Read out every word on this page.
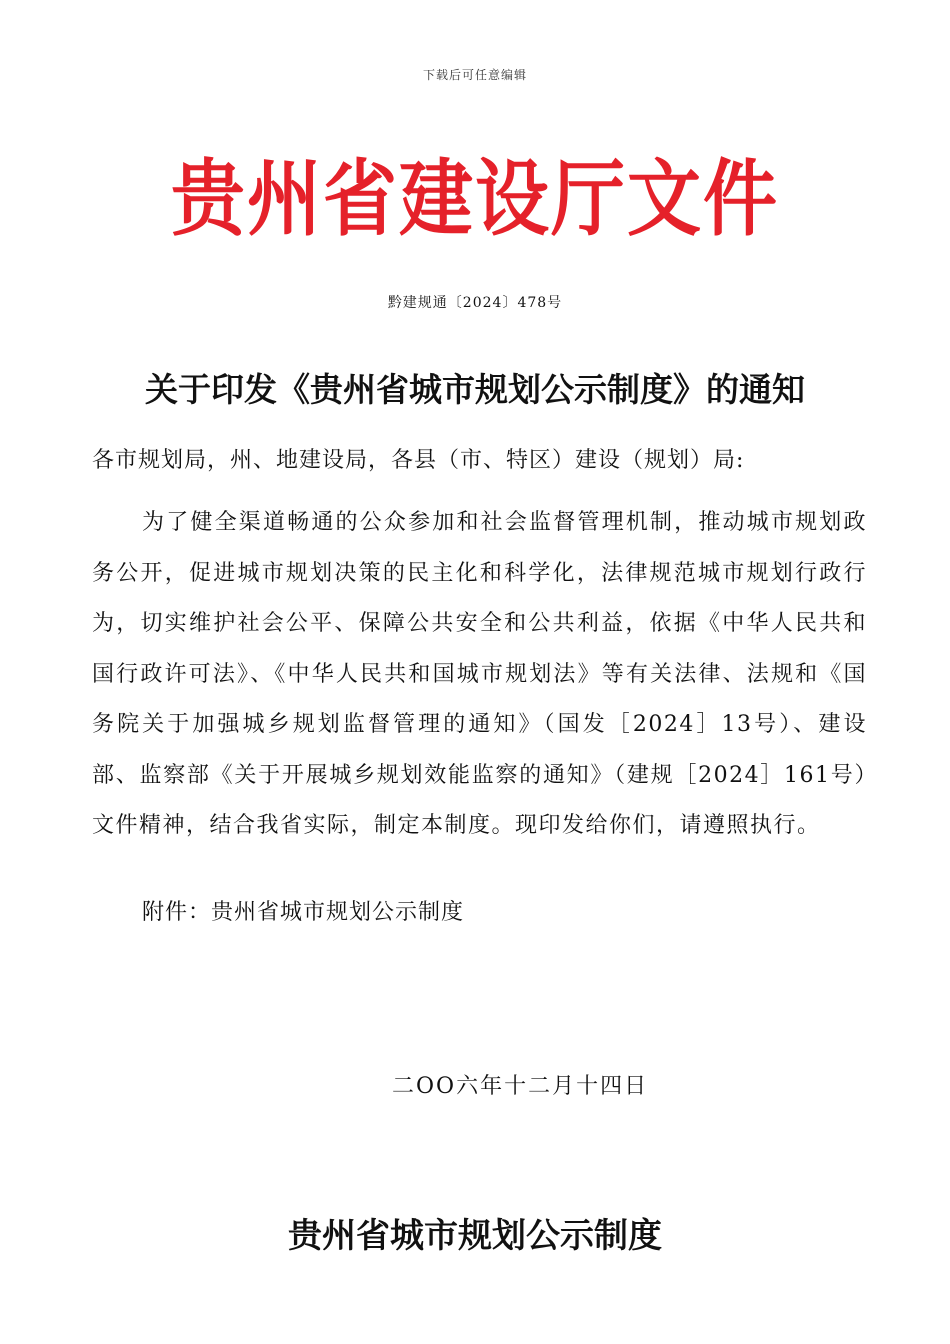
下载后可任意编辑
贵州省建设厅文件
黔建规通〔2024〕478号
关于印发《贵州省城市规划公示制度》的通知
各市规划局，州、地建设局，各县（市、特区）建设（规划）局:

为了健全渠道畅通的公众参加和社会监督管理机制，推动城市规划政务公开，促进城市规划决策的民主化和科学化，法律规范城市规划行政行为，切实维护社会公平、保障公共安全和公共利益，依据《中华人民共和国行政许可法》、《中华人民共和国城市规划法》等有关法律、法规和《国务院关于加强城乡规划监督管理的通知》（国发［2024］13号）、建设部、监察部《关于开展城乡规划效能监察的通知》（建规［2024］161号）文件精神，结合我省实际，制定本制度。现印发给你们，请遵照执行。

附件：贵州省城市规划公示制度
二OO六年十二月十四日
贵州省城市规划公示制度
